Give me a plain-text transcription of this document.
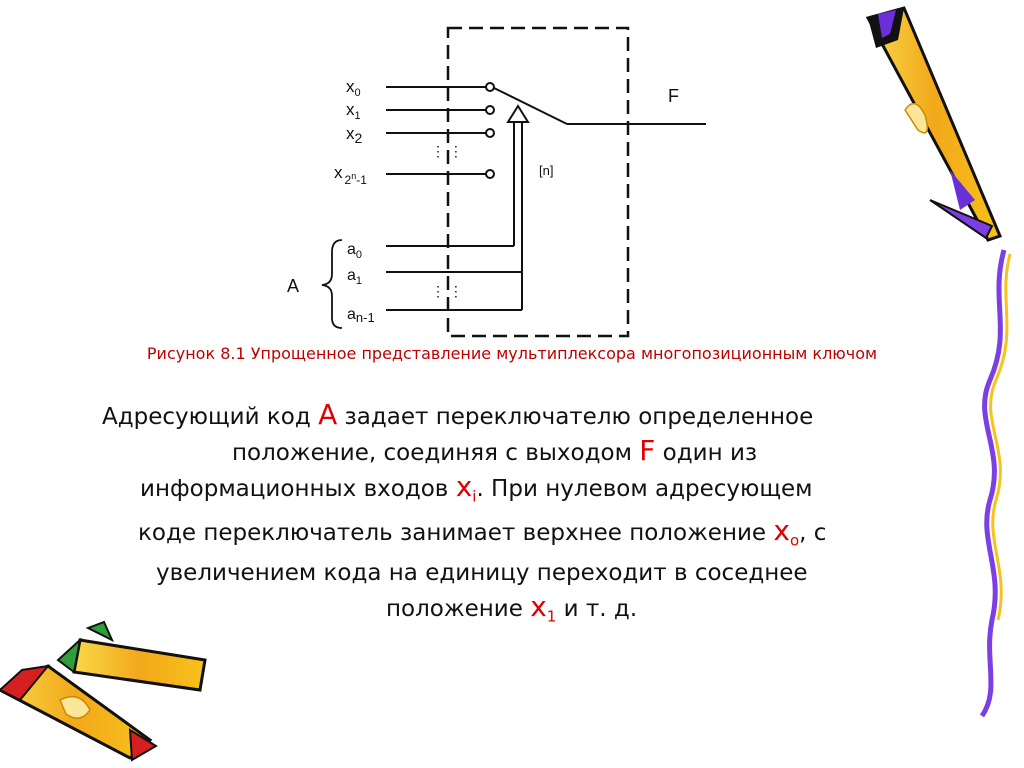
$x_0$
$x_1$
$x_2$
x $_2^n_{-1}$
⋮ ⋮
⋮ ⋮
F
[n]
$a_0$
$a_1$
an-1
A
Рисунок 8.1 Упрощенное представление мультиплексора многопозиционным ключом
Адресующий код A задает переключателю определенное
положение, соединяя с выходом F один из
информационных входов $x_i$. При нулевом адресующем
коде переключатель занимает верхнее положение $x_o$, с
увеличением кода на единицу переходит в соседнее
положение $x_1$ и т. д.
